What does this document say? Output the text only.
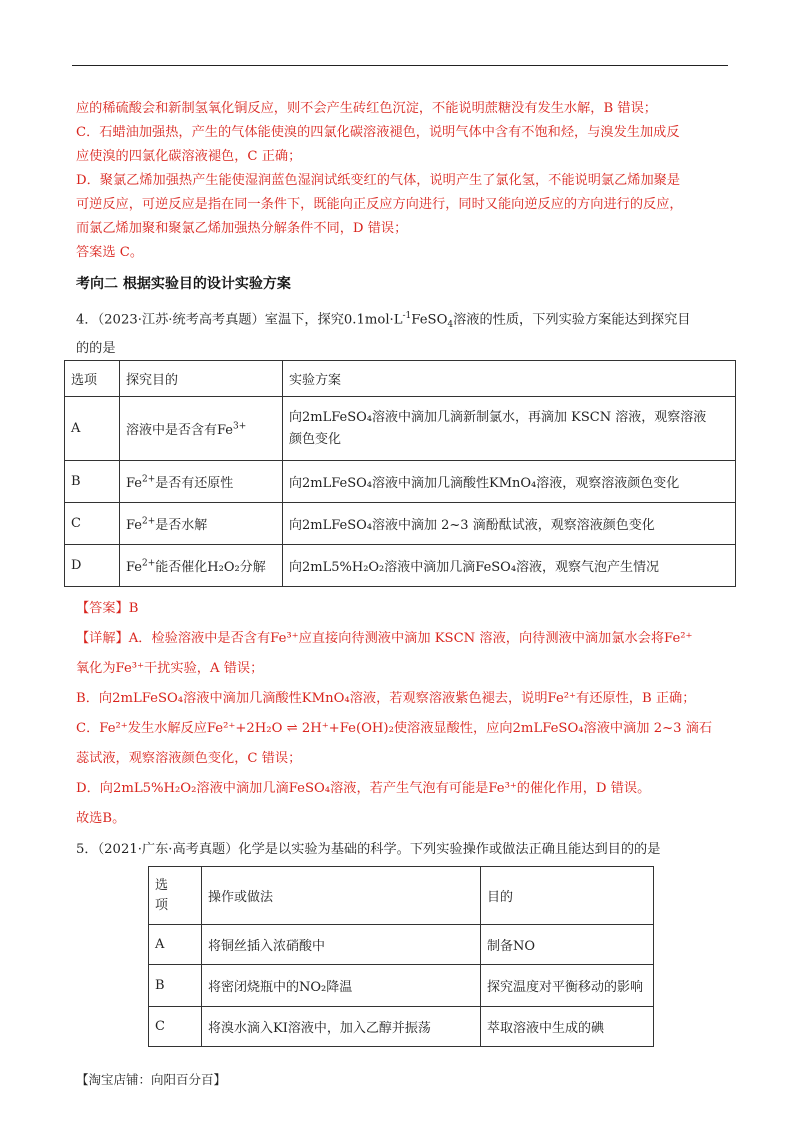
应的稀硫酸会和新制氢氧化铜反应，则不会产生砖红色沉淀，不能说明蔗糖没有发生水解，B 错误；
C．石蜡油加强热，产生的气体能使溴的四氯化碳溶液褪色，说明气体中含有不饱和烃，与溴发生加成反
应使溴的四氯化碳溶液褪色，C 正确；
D．聚氯乙烯加强热产生能使湿润蓝色湿润试纸变红的气体，说明产生了氯化氢，不能说明氯乙烯加聚是
可逆反应，可逆反应是指在同一条件下，既能向正反应方向进行，同时又能向逆反应的方向进行的反应，
而氯乙烯加聚和聚氯乙烯加强热分解条件不同，D 错误；
答案选 C。
考向二 根据实验目的设计实验方案
4．（2023·江苏·统考高考真题）室温下，探究$0.1mol\cdot L^{-1}FeSO_4$溶液的性质，下列实验方案能达到探究目
的的是
选项	探究目的	实验方案
A	溶液中是否含有$Fe^{3+}$	向2mLFeSO₄溶液中滴加几滴新制氯水，再滴加 KSCN 溶液，观察溶液
颜色变化

B	$Fe^{2+}$是否有还原性	向2mLFeSO₄溶液中滴加几滴酸性KMnO₄溶液，观察溶液颜色变化

C	$Fe^{2+}$是否水解	向2mLFeSO₄溶液中滴加 2~3 滴酚酞试液，观察溶液颜色变化

D	$Fe^{2+}$能否催化H₂O₂分解	向2mL5%H₂O₂溶液中滴加几滴FeSO₄溶液，观察气泡产生情况
【答案】B
【详解】A．检验溶液中是否含有Fe³⁺应直接向待测液中滴加 KSCN 溶液，向待测液中滴加氯水会将Fe²⁺
氧化为Fe³⁺干扰实验，A 错误；
B．向2mLFeSO₄溶液中滴加几滴酸性KMnO₄溶液，若观察溶液紫色褪去，说明Fe²⁺有还原性，B 正确；
C．Fe²⁺发生水解反应Fe²⁺+2H₂O ⇌ 2H⁺+Fe(OH)₂使溶液显酸性，应向2mLFeSO₄溶液中滴加 2~3 滴石
蕊试液，观察溶液颜色变化，C 错误；
D．向2mL5%H₂O₂溶液中滴加几滴FeSO₄溶液，若产生气泡有可能是Fe³⁺的催化作用，D 错误。
故选B。
5．（2021·广东·高考真题）化学是以实验为基础的科学。下列实验操作或做法正确且能达到目的的是
选
项	操作或做法	目的
A	将铜丝插入浓硝酸中	制备NO
B	将密闭烧瓶中的NO₂降温	探究温度对平衡移动的影响
C	将溴水滴入KI溶液中，加入乙醇并振荡	萃取溶液中生成的碘
【淘宝店铺：向阳百分百】
